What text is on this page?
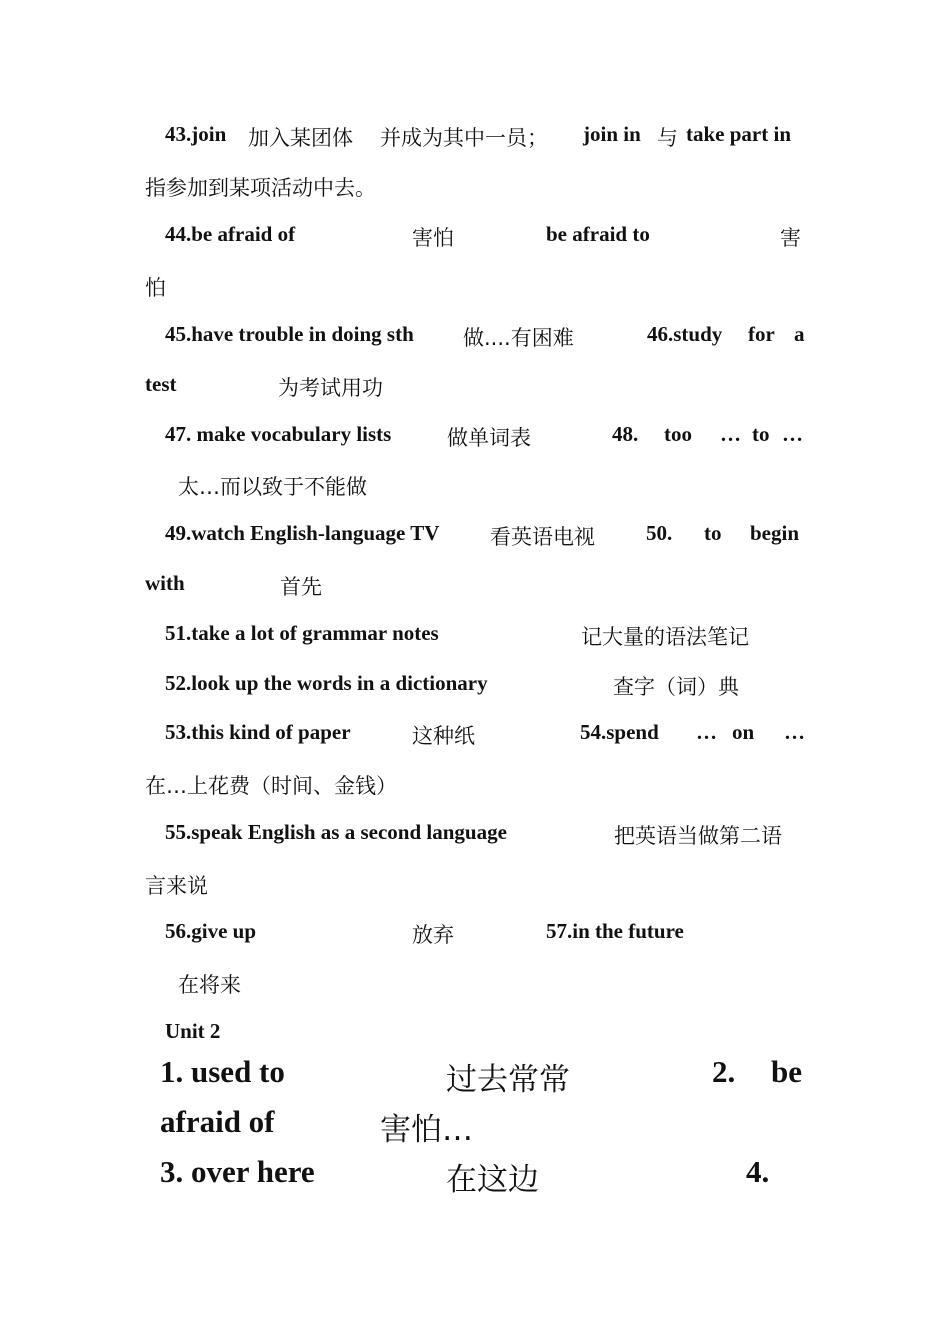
43.join 加入某团体 并成为其中一员； join in 与 take part in
指参加到某项活动中去。
44.be afraid of	害怕	be afraid to	害
怕
45.have trouble in doing sth 做....有困难	46.study for a
test	为考试用功
47. make vocabulary lists	做单词表	48. too … to …
太…而以致于不能做
49.watch English-language TV 看英语电视 50. to begin
with	首先
51.take a lot of grammar notes	记大量的语法笔记
52.look up the words in a dictionary	查字（词）典
53.this kind of paper	这种纸	54.spend … on …
在…上花费（时间、金钱）
55.speak English as a second language	把英语当做第二语
言来说
56.give up	放弃	57.in the future
在将来
Unit 2
1. used to	过去常常	2. be
afraid of	害怕…
3. over here	在这边	4.
